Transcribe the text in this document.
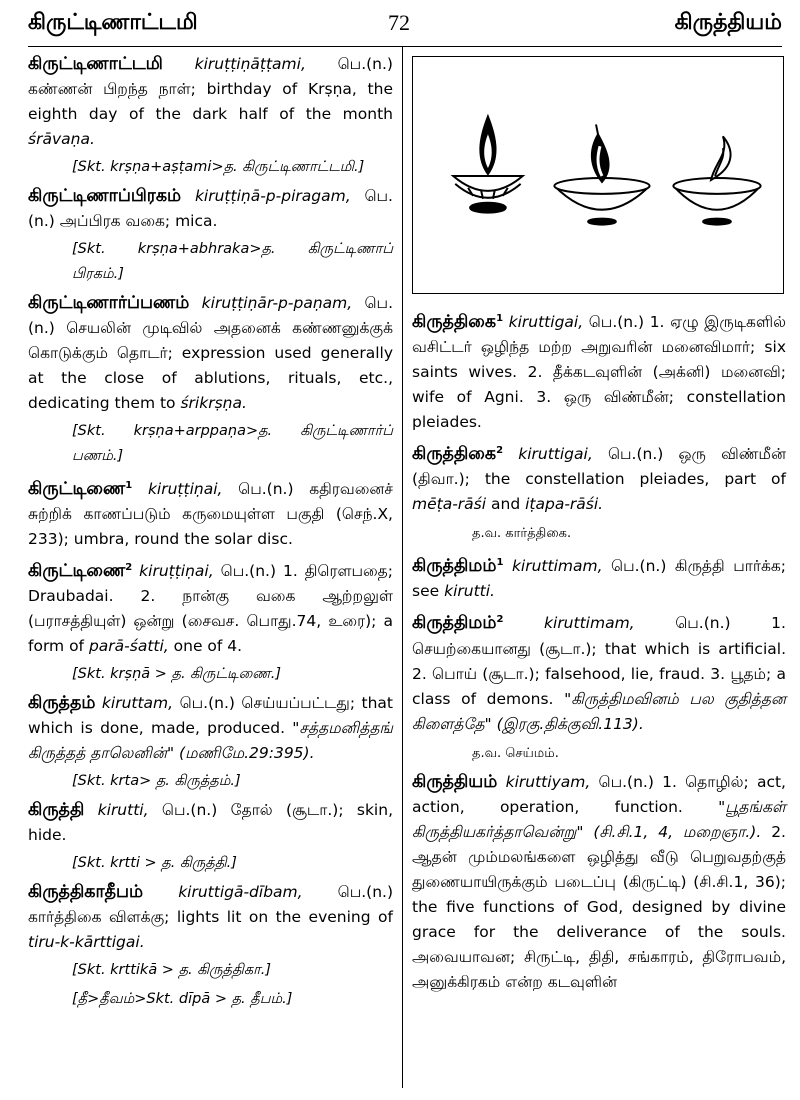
கிருட்டிணாட்டமி	72	கிருத்தியம்
கிருட்டிணாட்டமி kiruṭṭiṇāṭṭami, பெ.(n.) கண்ணன் பிறந்த நாள்; birthday of Krṣṇa, the eighth day of the dark half of the month śrāvaṇa.
[Skt. krṣṇa+aṣṭami>த. கிருட்டிணாட்டமி.]
கிருட்டிணாப்பிரகம் kiruṭṭiṇā-p-piragam, பெ.(n.) அப்பிரக வகை; mica.
[Skt. krṣṇa+abhraka>த. கிருட்டிணாப் பிரகம்.]
கிருட்டிணார்ப்பணம் kiruṭṭiṇār-p-paṇam, பெ.(n.) செயலின் முடிவில் அதனைக் கண்ணனுக்குக் கொடுக்கும் தொடர்; expression used generally at the close of ablutions, rituals, etc., dedicating them to śrikrṣṇa.
[Skt. krṣṇa+arppaṇa>த. கிருட்டிணார்ப் பணம்.]
கிருட்டிணை$^1$ kiruṭṭiṇai, பெ.(n.) கதிரவனைச் சுற்றிக் காணப்படும் கருமையுள்ள பகுதி (செந்.X, 233); umbra, round the solar disc.
கிருட்டிணை$^2$ kiruṭṭiṇai, பெ.(n.) 1. திரௌபதை; Draubadai. 2. நான்கு வகை ஆற்றலுள் (பராசத்தியுள்) ஒன்று (சைவச. பொது.74, உரை); a form of parā-śatti, one of 4.
[Skt. krṣṇā > த. கிருட்டிணை.]
கிருத்தம் kiruttam, பெ.(n.) செய்யப்பட்டது; that which is done, made, produced. "சத்தமனித்தங் கிருத்தத் தாலெனின்" (மணிமே.29:395).
[Skt. krta> த. கிருத்தம்.]
கிருத்தி kirutti, பெ.(n.) தோல் (சூடா.); skin, hide.
[Skt. krtti > த. கிருத்தி.]
கிருத்திகாதீபம் kiruttigā-dībam, பெ.(n.) கார்த்திகை விளக்கு; lights lit on the evening of tiru-k-kārttigai.
[Skt. krttikā > த. கிருத்திகா.]
[தீ>தீவம்>Skt. dīpā > த. தீபம்.]
கிருத்திகை$^1$ kiruttigai, பெ.(n.) 1. ஏழு இருடிகளில் வசிட்டர் ஒழிந்த மற்ற அறுவரின் மனைவிமார்; six saints wives. 2. தீக்கடவுளின் (அக்னி) மனைவி; wife of Agni. 3. ஒரு விண்மீன்; constellation pleiades.
கிருத்திகை$^2$ kiruttigai, பெ.(n.) ஒரு விண்மீன் (திவா.); the constellation pleiades, part of mēṭa-rāśi and iṭapa-rāśi.
த.வ. கார்த்திகை.
கிருத்திமம்$^1$ kiruttimam, பெ.(n.) கிருத்தி பார்க்க; see kirutti.
கிருத்திமம்$^2$	kiruttimam,	பெ.(n.)	1. செயற்கையானது (சூடா.); that which is artificial. 2. பொய் (சூடா.); falsehood, lie, fraud. 3. பூதம்; a class of demons. "கிருத்திமவினம் பல குதித்தன கிளைத்தே" (இரகு.திக்குவி.113).
த.வ. செய்மம்.
கிருத்தியம் kiruttiyam, பெ.(n.) 1. தொழில்; act, action, operation, function. "பூதங்கள் கிருத்தியகர்த்தாவென்று" (சி.சி.1, 4, மறைஞா.). 2. ஆதன் மும்மலங்களை ஒழித்து வீடு பெறுவதற்குத் துணையாயிருக்கும் படைப்பு (கிருட்டி) (சி.சி.1, 36); the five functions of God, designed by divine grace for the deliverance of the souls. அவையாவன; சிருட்டி, திதி, சங்காரம், திரோபவம், அனுக்கிரகம் என்ற கடவுளின்
